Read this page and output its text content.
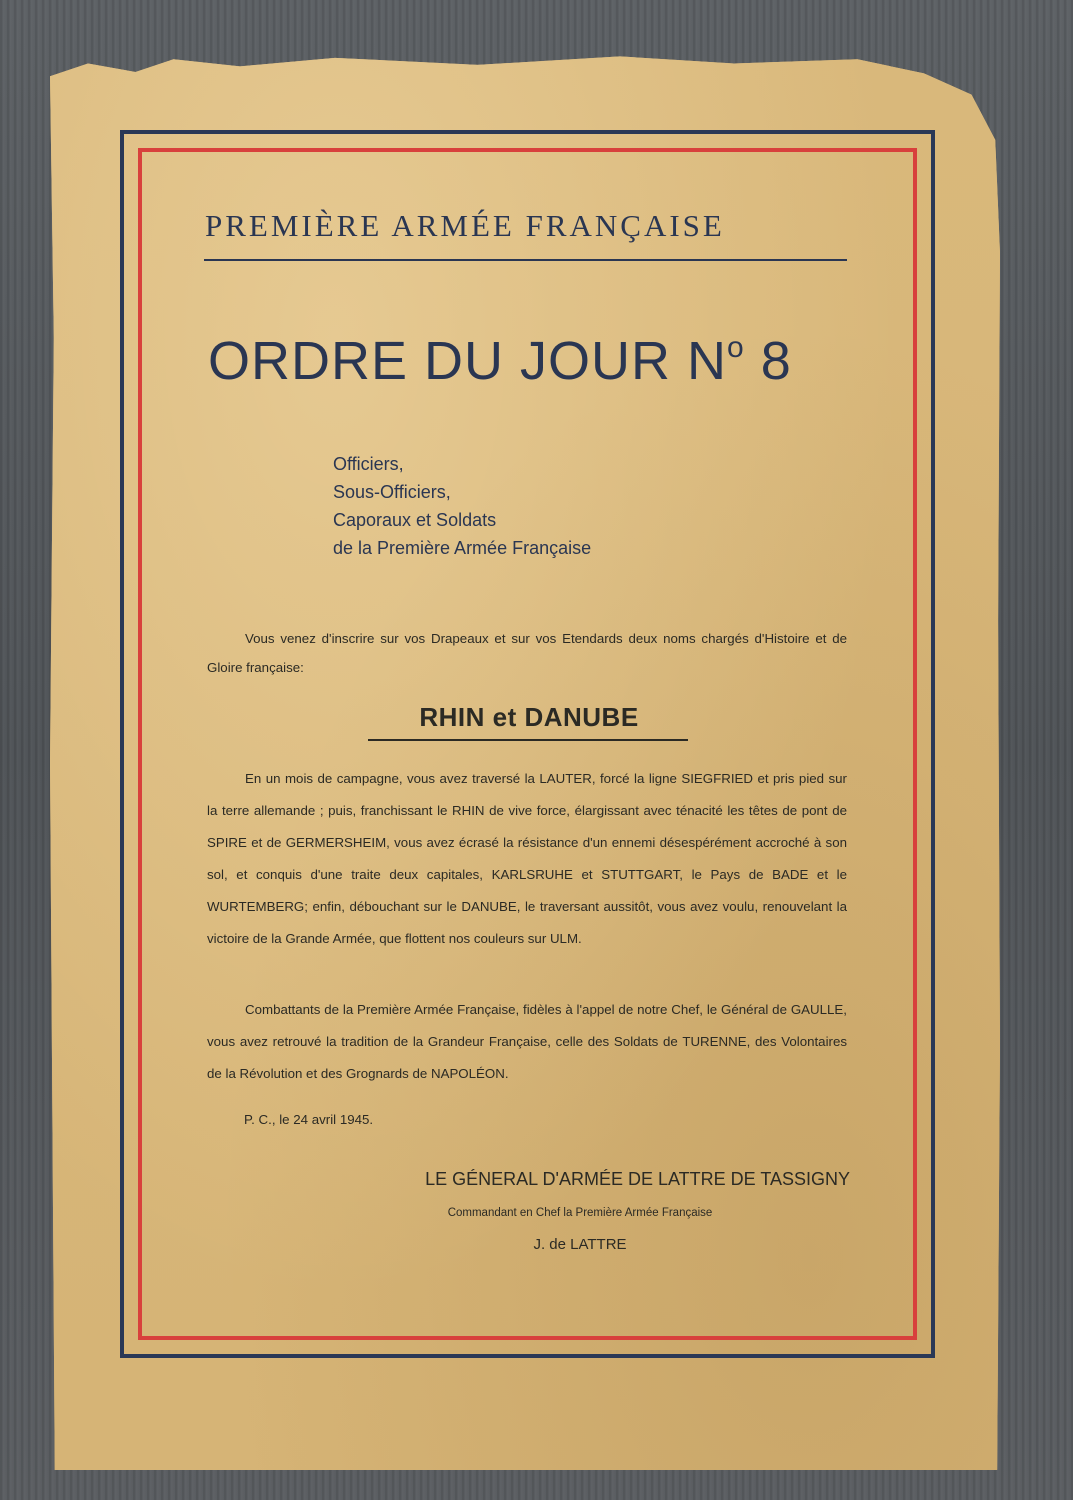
PREMIÈRE ARMÉE FRANÇAISE
ORDRE DU JOUR $N^o$ 8
Officiers,
Sous-Officiers,
Caporaux et Soldats
de la Première Armée Française
Vous venez d'inscrire sur vos Drapeaux et sur vos Etendards deux noms chargés d'Histoire et de Gloire française:
RHIN et DANUBE
En un mois de campagne, vous avez traversé la LAUTER, forcé la ligne SIEGFRIED et pris pied sur la terre allemande ; puis, franchissant le RHIN de vive force, élargissant avec ténacité les têtes de pont de SPIRE et de GERMERSHEIM, vous avez écrasé la résistance d'un ennemi désespérément accroché à son sol, et conquis d'une traite deux capitales, KARLSRUHE et STUTTGART, le Pays de BADE et le WURTEMBERG; enfin, débouchant sur le DANUBE, le traversant aussitôt, vous avez voulu, renouvelant la victoire de la Grande Armée, que flottent nos couleurs sur ULM.
Combattants de la Première Armée Française, fidèles à l'appel de notre Chef, le Général de GAULLE, vous avez retrouvé la tradition de la Grandeur Française, celle des Soldats de TURENNE, des Volontaires de la Révolution et des Grognards de NAPOLÉON.
P. C., le 24 avril 1945.
LE GÉNERAL D'ARMÉE DE LATTRE DE TASSIGNY
Commandant en Chef la Première Armée Française
J. de LATTRE
